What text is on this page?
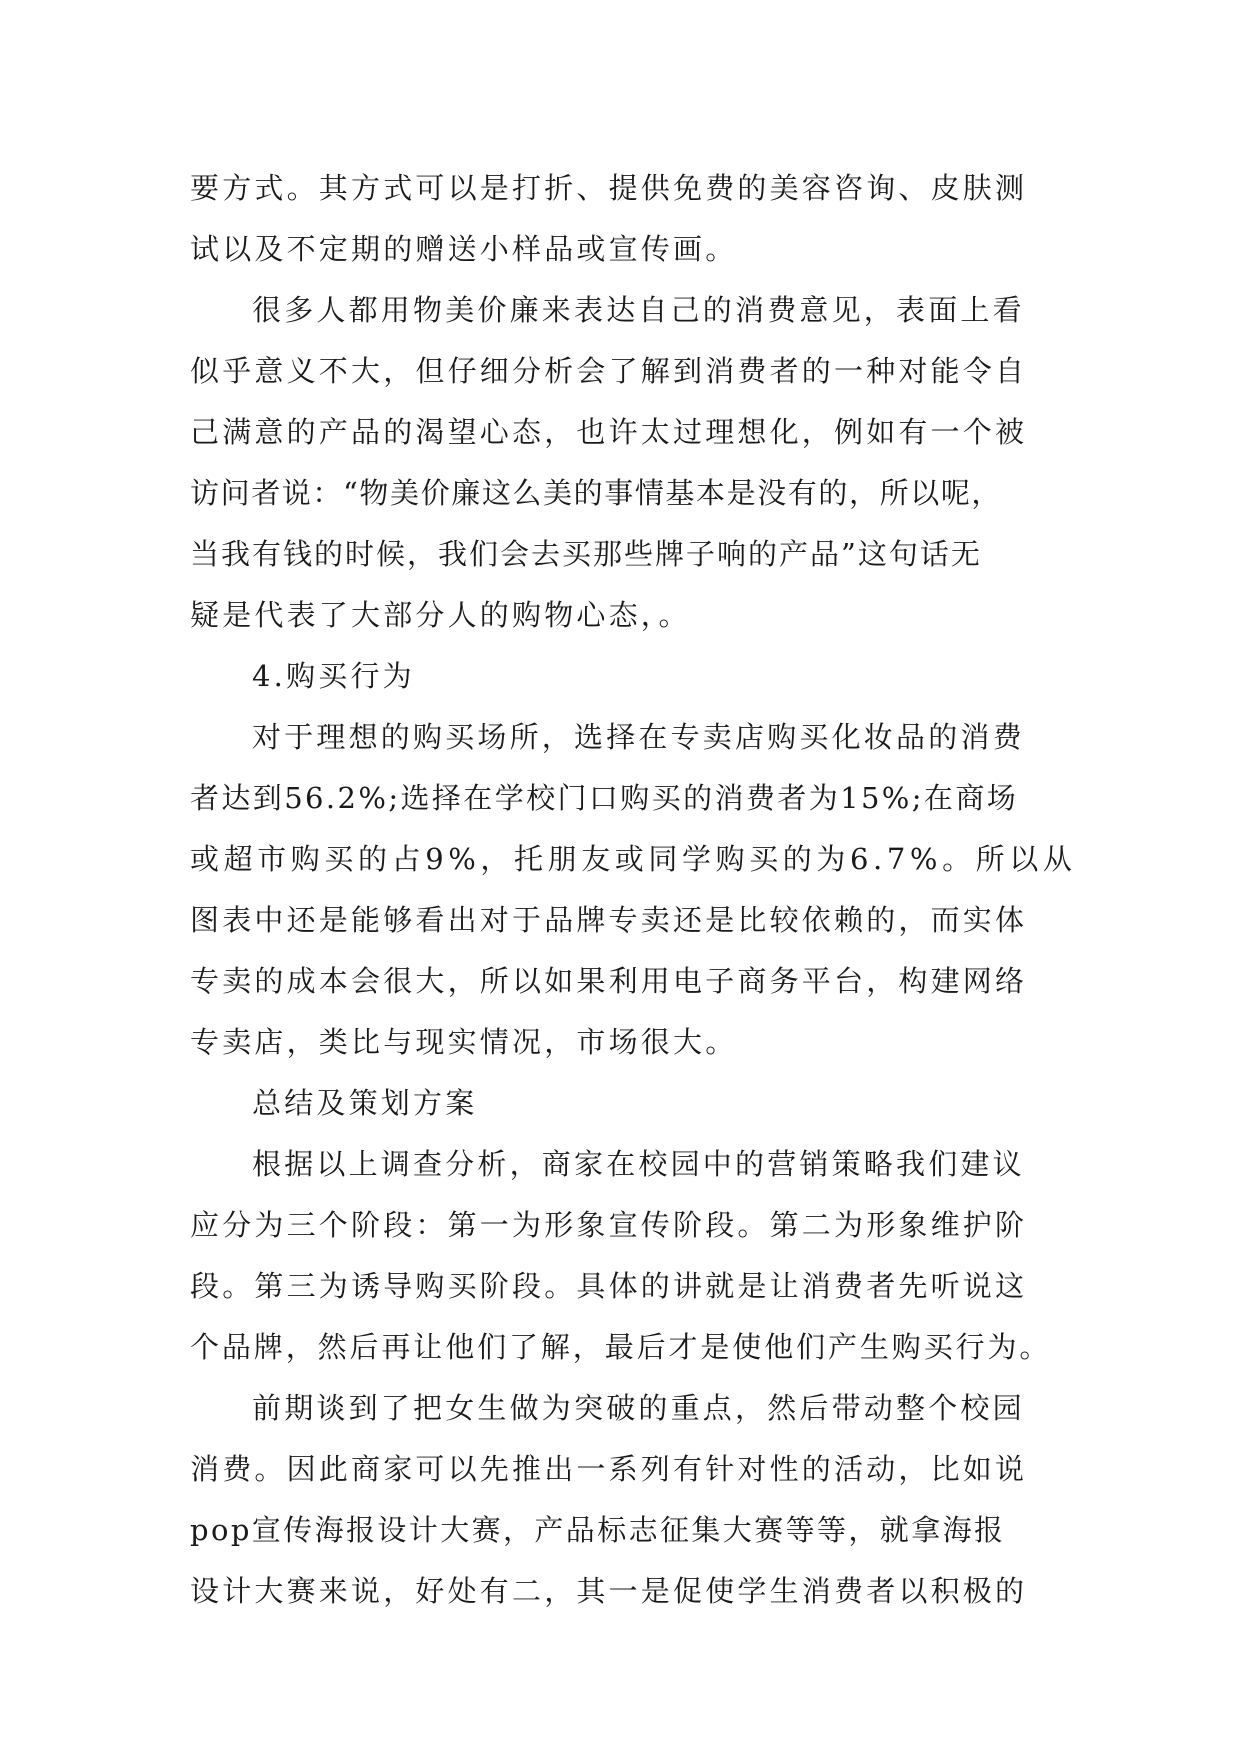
要方式。其方式可以是打折、提供免费的美容咨询、皮肤测
试以及不定期的赠送小样品或宣传画。
很多人都用物美价廉来表达自己的消费意见，表面上看
似乎意义不大，但仔细分析会了解到消费者的一种对能令自
己满意的产品的渴望心态，也许太过理想化，例如有一个被
访问者说：“物美价廉这么美的事情基本是没有的，所以呢，
当我有钱的时候，我们会去买那些牌子响的产品”这句话无
疑是代表了大部分人的购物心态，。
4.购买行为
对于理想的购买场所，选择在专卖店购买化妆品的消费
者达到56.2%;选择在学校门口购买的消费者为15%;在商场
或超市购买的占9%，托朋友或同学购买的为6.7%。所以从
图表中还是能够看出对于品牌专卖还是比较依赖的，而实体
专卖的成本会很大，所以如果利用电子商务平台，构建网络
专卖店，类比与现实情况，市场很大。
总结及策划方案
根据以上调查分析，商家在校园中的营销策略我们建议
应分为三个阶段：第一为形象宣传阶段。第二为形象维护阶
段。第三为诱导购买阶段。具体的讲就是让消费者先听说这
个品牌，然后再让他们了解，最后才是使他们产生购买行为。
前期谈到了把女生做为突破的重点，然后带动整个校园
消费。因此商家可以先推出一系列有针对性的活动，比如说
pop宣传海报设计大赛，产品标志征集大赛等等，就拿海报
设计大赛来说，好处有二，其一是促使学生消费者以积极的
